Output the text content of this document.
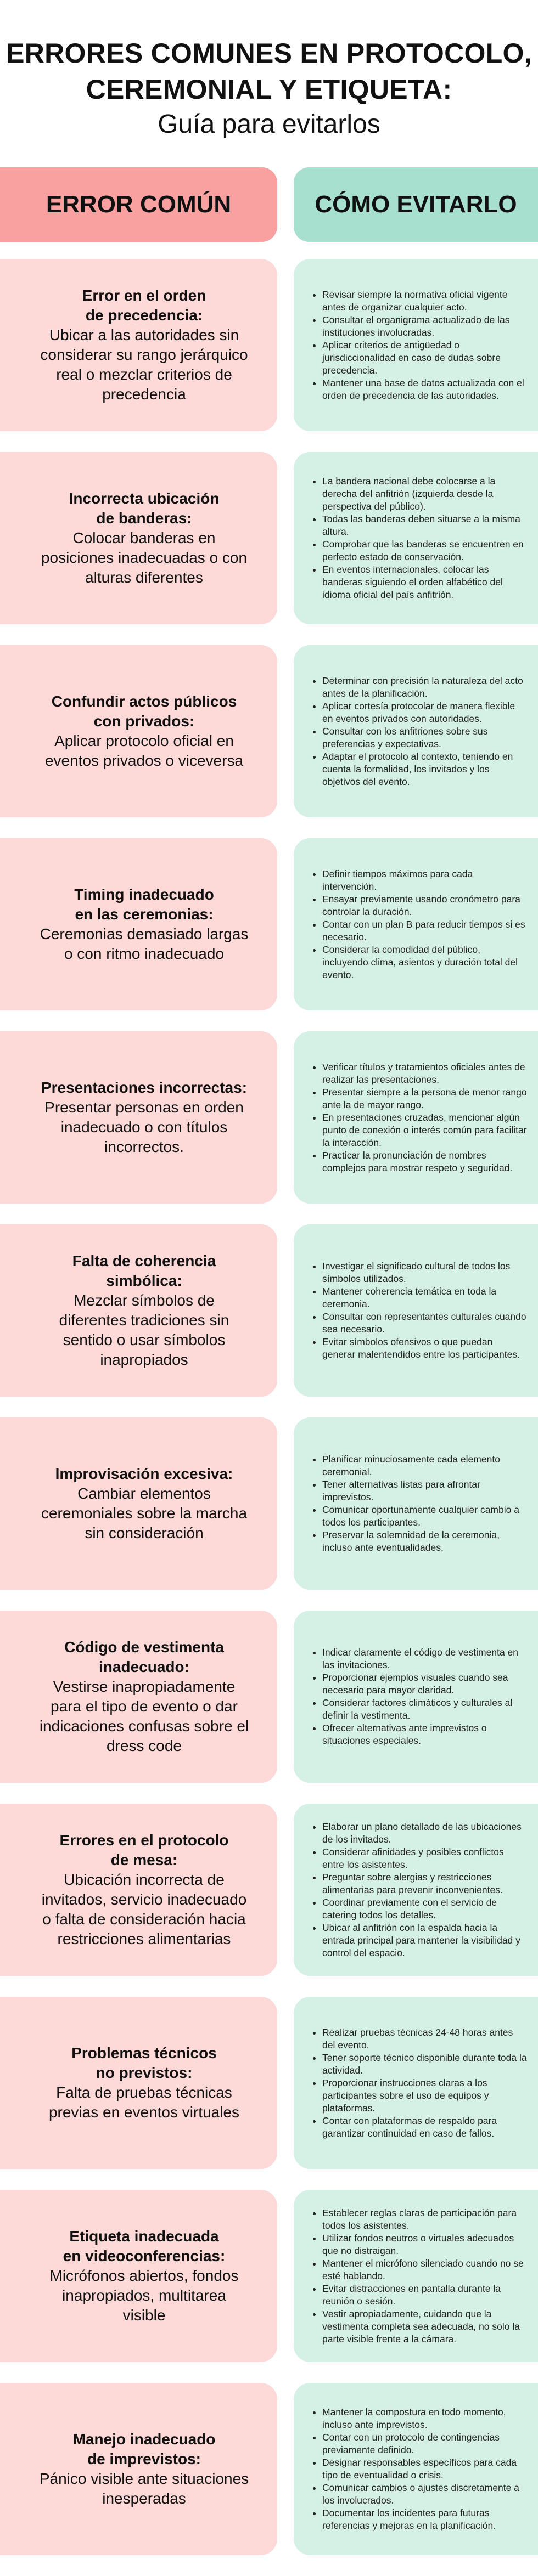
ERRORES COMUNES EN PROTOCOLO,
CEREMONIAL Y ETIQUETA:

Guía para evitarlos

ERROR COMÚN	CÓMO EVITARLO
Error en el orden
de precedencia:
Ubicar a las autoridades sin
considerar su rango jerárquico
real o mezclar criterios de
precedencia
• Revisar siempre la normativa oficial vigente antes de organizar cualquier acto.
• Consultar el organigrama actualizado de las instituciones involucradas.
• Aplicar criterios de antigüedad o jurisdiccionalidad en caso de dudas sobre precedencia.
• Mantener una base de datos actualizada con el orden de precedencia de las autoridades.
Incorrecta ubicación
de banderas:
Colocar banderas en
posiciones inadecuadas o con
alturas diferentes
• La bandera nacional debe colocarse a la derecha del anfitrión (izquierda desde la perspectiva del público).
• Todas las banderas deben situarse a la misma altura.
• Comprobar que las banderas se encuentren en perfecto estado de conservación.
• En eventos internacionales, colocar las banderas siguiendo el orden alfabético del idioma oficial del país anfitrión.
Confundir actos públicos
con privados:
Aplicar protocolo oficial en
eventos privados o viceversa
• Determinar con precisión la naturaleza del acto antes de la planificación.
• Aplicar cortesía protocolar de manera flexible en eventos privados con autoridades.
• Consultar con los anfitriones sobre sus preferencias y expectativas.
• Adaptar el protocolo al contexto, teniendo en cuenta la formalidad, los invitados y los objetivos del evento.
Timing inadecuado
en las ceremonias:
Ceremonias demasiado largas
o con ritmo inadecuado
• Definir tiempos máximos para cada intervención.
• Ensayar previamente usando cronómetro para controlar la duración.
• Contar con un plan B para reducir tiempos si es necesario.
• Considerar la comodidad del público, incluyendo clima, asientos y duración total del evento.
Presentaciones incorrectas:
Presentar personas en orden
inadecuado o con títulos
incorrectos.
• Verificar títulos y tratamientos oficiales antes de realizar las presentaciones.
• Presentar siempre a la persona de menor rango ante la de mayor rango.
• En presentaciones cruzadas, mencionar algún punto de conexión o interés común para facilitar la interacción.
• Practicar la pronunciación de nombres complejos para mostrar respeto y seguridad.
Falta de coherencia
simbólica:
Mezclar símbolos de
diferentes tradiciones sin
sentido o usar símbolos
inapropiados
• Investigar el significado cultural de todos los símbolos utilizados.
• Mantener coherencia temática en toda la ceremonia.
• Consultar con representantes culturales cuando sea necesario.
• Evitar símbolos ofensivos o que puedan generar malentendidos entre los participantes.
Improvisación excesiva:
Cambiar elementos
ceremoniales sobre la marcha
sin consideración
• Planificar minuciosamente cada elemento ceremonial.
• Tener alternativas listas para afrontar imprevistos.
• Comunicar oportunamente cualquier cambio a todos los participantes.
• Preservar la solemnidad de la ceremonia, incluso ante eventualidades.
Código de vestimenta
inadecuado:
Vestirse inapropiadamente
para el tipo de evento o dar
indicaciones confusas sobre el
dress code
• Indicar claramente el código de vestimenta en las invitaciones.
• Proporcionar ejemplos visuales cuando sea necesario para mayor claridad.
• Considerar factores climáticos y culturales al definir la vestimenta.
• Ofrecer alternativas ante imprevistos o situaciones especiales.
Errores en el protocolo
de mesa:
Ubicación incorrecta de
invitados, servicio inadecuado
o falta de consideración hacia
restricciones alimentarias
• Elaborar un plano detallado de las ubicaciones de los invitados.
• Considerar afinidades y posibles conflictos entre los asistentes.
• Preguntar sobre alergias y restricciones alimentarias para prevenir inconvenientes.
• Coordinar previamente con el servicio de catering todos los detalles.
• Ubicar al anfitrión con la espalda hacia la entrada principal para mantener la visibilidad y control del espacio.
Problemas técnicos
no previstos:
Falta de pruebas técnicas
previas en eventos virtuales
• Realizar pruebas técnicas 24-48 horas antes del evento.
• Tener soporte técnico disponible durante toda la actividad.
• Proporcionar instrucciones claras a los participantes sobre el uso de equipos y plataformas.
• Contar con plataformas de respaldo para garantizar continuidad en caso de fallos.
Etiqueta inadecuada
en videoconferencias:
Micrófonos abiertos, fondos
inapropiados, multitarea
visible
• Establecer reglas claras de participación para todos los asistentes.
• Utilizar fondos neutros o virtuales adecuados que no distraigan.
• Mantener el micrófono silenciado cuando no se esté hablando.
• Evitar distracciones en pantalla durante la reunión o sesión.
• Vestir apropiadamente, cuidando que la vestimenta completa sea adecuada, no solo la parte visible frente a la cámara.
Manejo inadecuado
de imprevistos:
Pánico visible ante situaciones
inesperadas
• Mantener la compostura en todo momento, incluso ante imprevistos.
• Contar con un protocolo de contingencias previamente definido.
• Designar responsables específicos para cada tipo de eventualidad o crisis.
• Comunicar cambios o ajustes discretamente a los involucrados.
• Documentar los incidentes para futuras referencias y mejoras en la planificación.
